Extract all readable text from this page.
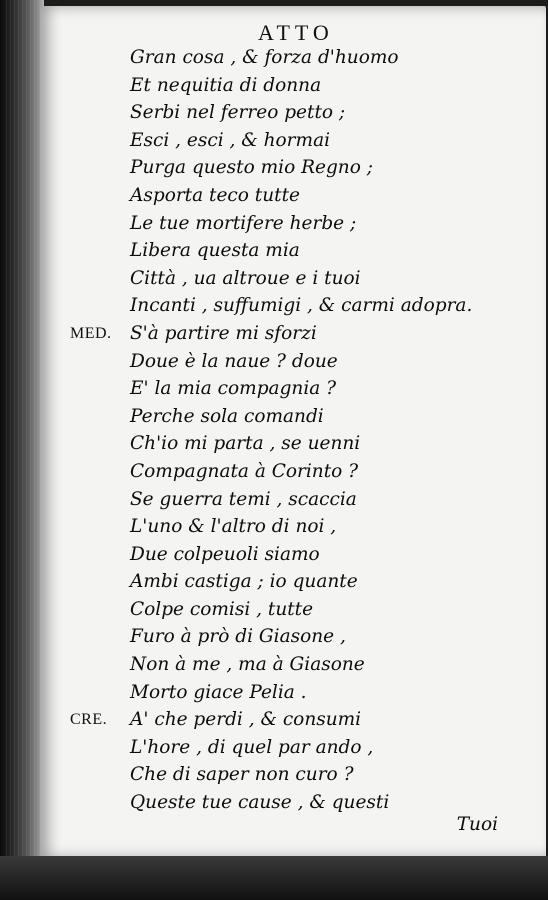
ATTO
Gran cosa , & forza d'huomo
Et nequitia di donna
Serbi nel ferreo petto ;
Esci , esci , & hormai
Purga questo mio Regno ;
Asporta teco tutte
Le tue mortifere herbe ;
Libera questa mia
Città , ua altroue e i tuoi
Incanti , suffumigi , & carmi adopra.
MED. S'à partire mi sforzi
Doue è la naue ? doue
E' la mia compagnia ?
Perche sola comandi
Ch'io mi parta , se uenni
Compagnata à Corinto ?
Se guerra temi , scaccia
L'uno & l'altro di noi ,
Due colpeuoli siamo
Ambi castiga ; io quante
Colpe comisi , tutte
Furo à prò di Giasone ,
Non à me , ma à Giasone
Morto giace Pelia .
CRE. A' che perdi , & consumi
L'hore , di quel par ando ,
Che di saper non curo ?
Queste tue cause , & questi
Tuoi
